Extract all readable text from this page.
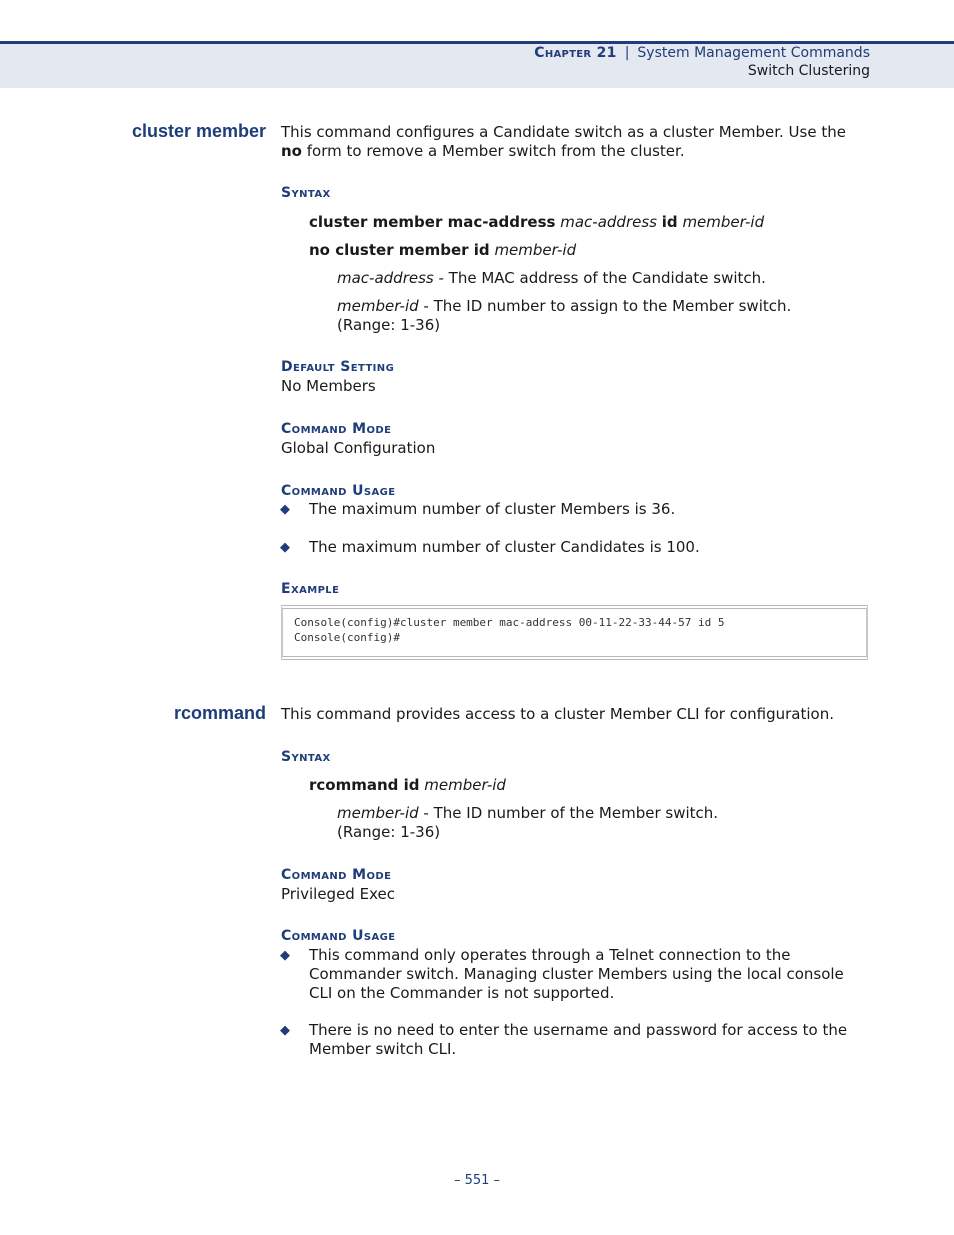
Chapter 21 | System Management Commands
Switch Clustering
cluster member This command configures a Candidate switch as a cluster Member. Use the
no form to remove a Member switch from the cluster.
Syntax
cluster member mac-address mac-address id member-id
no cluster member id member-id
mac-address - The MAC address of the Candidate switch.
member-id - The ID number to assign to the Member switch.
(Range: 1-36)
Default Setting
No Members
Command Mode
Global Configuration
Command Usage
◆ The maximum number of cluster Members is 36.
◆ The maximum number of cluster Candidates is 100.
Example
Console(config)#cluster member mac-address 00-11-22-33-44-57 id 5
Console(config)#
rcommand This command provides access to a cluster Member CLI for configuration.
Syntax
rcommand id member-id
member-id - The ID number of the Member switch.
(Range: 1-36)
Command Mode
Privileged Exec
Command Usage
◆ This command only operates through a Telnet connection to the
Commander switch. Managing cluster Members using the local console
CLI on the Commander is not supported.
◆ There is no need to enter the username and password for access to the
Member switch CLI.
– 551 –
